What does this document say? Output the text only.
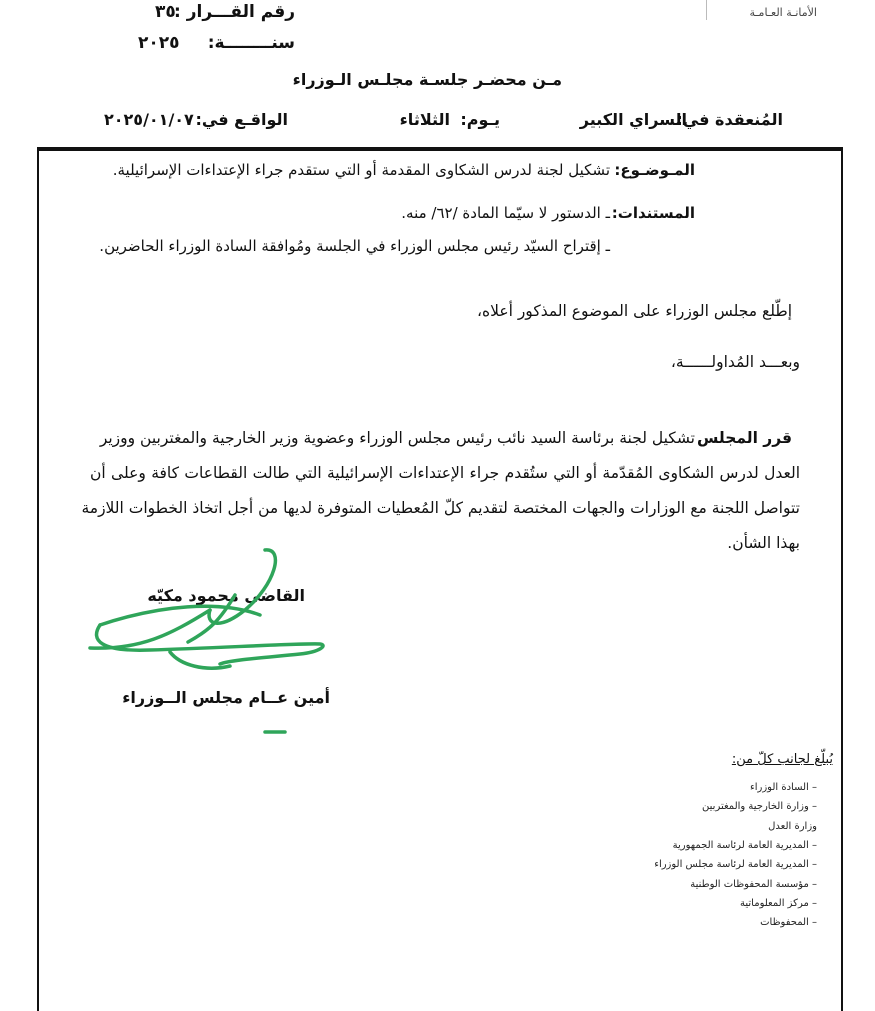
الأمانـة العـامـة
رقم القـــرار :
٣٥
سنــــــــة:
٢٠٢٥
مـن محضـر جلسـة مجلـس الـوزراء
المُنعقدة في:
السراي الكبير
يـوم:
الثلاثاء
الواقـع في:
٢٠٢٥/٠١/٠٧
المـوضـوع:
تشكيل لجنة لدرس الشكاوى المقدمة أو التي ستقدم جراء الإعتداءات الإسرائيلية.
المستندات:
ـ الدستور لا سيّما المادة /٦٢/ منه.
ـ إقتراح السيّد رئيس مجلس الوزراء في الجلسة ومُوافقة السادة الوزراء الحاضرين.
إطّلع مجلس الوزراء على الموضوع المذكور أعلاه،
وبعـــد المُداولــــــة،
قرر المجلس
تشكيل لجنة برئاسة السيد نائب رئيس مجلس الوزراء وعضوية وزير الخارجية والمغتربين ووزير
العدل لدرس الشكاوى المُقدّمة أو التي ستُقدم جراء الإعتداءات الإسرائيلية التي طالت القطاعات كافة وعلى أن
تتواصل اللجنة مع الوزارات والجهات المختصة لتقديم كلّ المُعطيات المتوفرة لديها من أجل اتخاذ الخطوات اللازمة
بهذا الشأن.
القاضي محمود مكيّه
أمين عــام مجلس الــوزراء
يُبلّغ لجانب كلّ من:
– السادة الوزراء
– وزارة الخارجية والمغتربين
وزارة العدل
– المديرية العامة لرئاسة الجمهورية
– المديرية العامة لرئاسة مجلس الوزراء
– مؤسسة المحفوظات الوطنية
– مركز المعلوماتية
– المحفوظات
